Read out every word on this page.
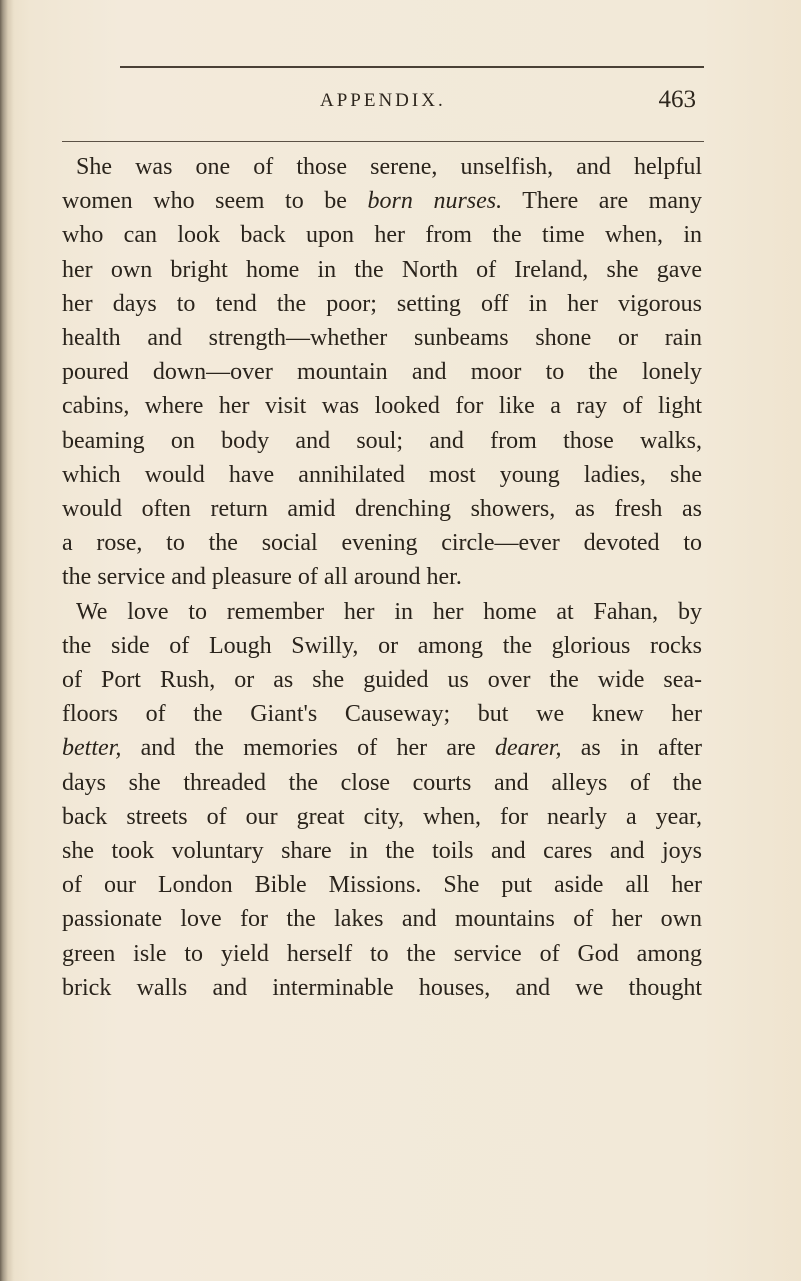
APPENDIX.	463

She was one of those serene, unselfish, and helpful
women who seem to be born nurses. There are many
who can look back upon her from the time when, in
her own bright home in the North of Ireland, she gave
her days to tend the poor; setting off in her vigorous
health and strength—whether sunbeams shone or rain
poured down—over mountain and moor to the lonely
cabins, where her visit was looked for like a ray of light
beaming on body and soul; and from those walks,
which would have annihilated most young ladies, she
would often return amid drenching showers, as fresh as
a rose, to the social evening circle—ever devoted to
the service and pleasure of all around her.

We love to remember her in her home at Fahan, by
the side of Lough Swilly, or among the glorious rocks
of Port Rush, or as she guided us over the wide sea-
floors of the Giant's Causeway; but we knew her
better, and the memories of her are dearer, as in after
days she threaded the close courts and alleys of the
back streets of our great city, when, for nearly a year,
she took voluntary share in the toils and cares and joys
of our London Bible Missions. She put aside all her
passionate love for the lakes and mountains of her own
green isle to yield herself to the service of God among
brick walls and interminable houses, and we thought
